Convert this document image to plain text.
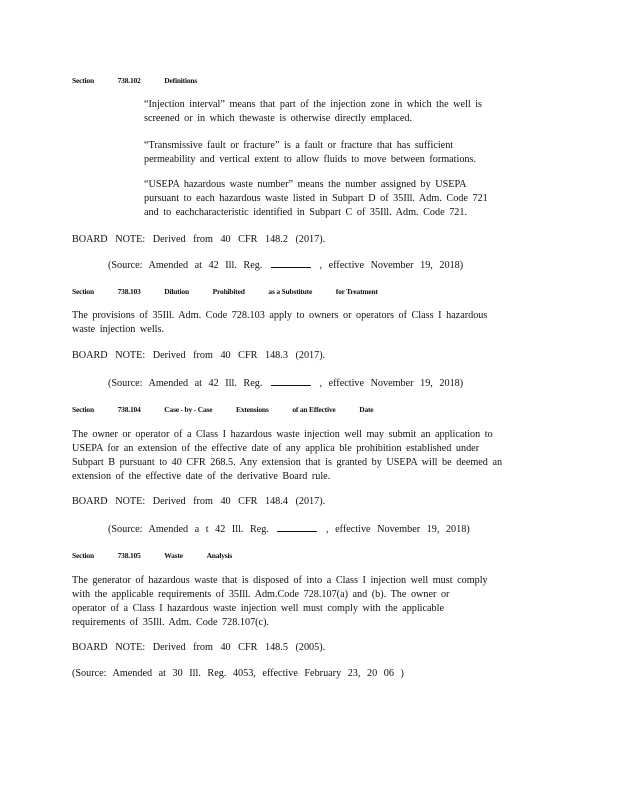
Section	738.102	Definitions
“Injection interval” means that part of the injection zone in which the well is
screened or in which thewaste is otherwise directly emplaced.
“Transmissive fault or fracture” is a fault or fracture that has sufficient
permeability and vertical extent to allow fluids to move between formations.
“USEPA hazardous waste number” means the number assigned by USEPA
pursuant to each hazardous waste listed in Subpart D of 35Ill. Adm. Code 721
and to eachcharacteristic identified in Subpart C of 35Ill. Adm. Code 721.
BOARD NOTE: Derived from 40 CFR 148.2 (2017).
(Source: Amended at 42 Ill. Reg.	, effective November 19, 2018)
Section	738.103	Dilution	Prohibited	as a Substitute	for Treatment
The provisions of 35Ill. Adm. Code 728.103 apply to owners or operators of Class I hazardous
waste injection wells.
BOARD NOTE: Derived from 40 CFR 148.3 (2017).
(Source: Amended at 42 Ill. Reg.	, effective November 19, 2018)
Section	738.104	Case - by - Case	Extensions	of an Effective	Date
The owner or operator of a Class I hazardous waste injection well may submit an application to
USEPA for an extension of the effective date of any applica ble prohibition established under
Subpart B pursuant to 40 CFR 268.5. Any extension that is granted by USEPA will be deemed an
extension of the effective date of the derivative Board rule.
BOARD NOTE: Derived from 40 CFR 148.4 (2017).
(Source: Amended a t 42 Ill. Reg.	, effective November 19, 2018)
Section	738.105	Waste	Analysis
The generator of hazardous waste that is disposed of into a Class I injection well must comply
with the applicable requirements of 35Ill. Adm.Code 728.107(a) and (b). The owner or
operator of a Class I hazardous waste injection well must comply with the applicable
requirements of 35Ill. Adm. Code 728.107(c).
BOARD NOTE: Derived from 40 CFR 148.5 (2005).
(Source: Amended at 30 Ill. Reg. 4053, effective February 23, 20 06 )
